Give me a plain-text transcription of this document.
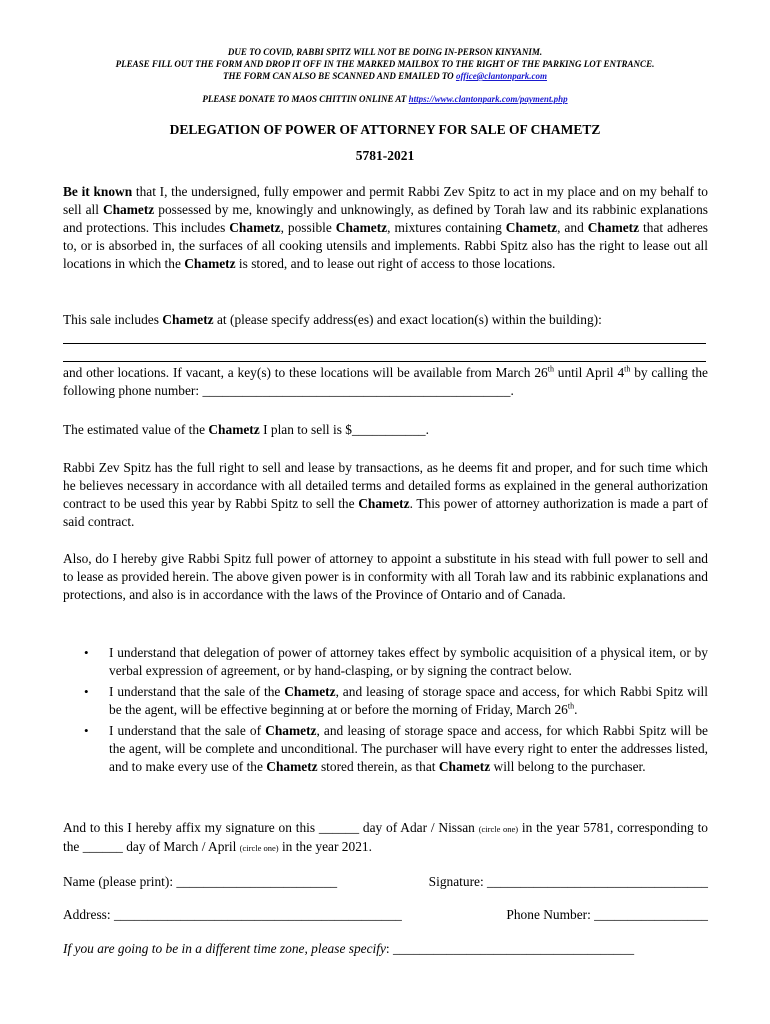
DUE TO COVID, RABBI SPITZ WILL NOT BE DOING IN-PERSON KINYANIM.
PLEASE FILL OUT THE FORM AND DROP IT OFF IN THE MARKED MAILBOX TO THE RIGHT OF THE PARKING LOT ENTRANCE.
THE FORM CAN ALSO BE SCANNED AND EMAILED TO office@clantonpark.com
PLEASE DONATE TO MAOS CHITTIN ONLINE AT https://www.clantonpark.com/payment.php
DELEGATION OF POWER OF ATTORNEY FOR SALE OF CHAMETZ
5781-2021
Be it known that I, the undersigned, fully empower and permit Rabbi Zev Spitz to act in my place and on my behalf to sell all Chametz possessed by me, knowingly and unknowingly, as defined by Torah law and its rabbinic explanations and protections. This includes Chametz, possible Chametz, mixtures containing Chametz, and Chametz that adheres to, or is absorbed in, the surfaces of all cooking utensils and implements. Rabbi Spitz also has the right to lease out all locations in which the Chametz is stored, and to lease out right of access to those locations.
This sale includes Chametz at (please specify address(es) and exact location(s) within the building):
and other locations. If vacant, a key(s) to these locations will be available from March 26th until April 4th by calling the following phone number: ______________________________________________.
The estimated value of the Chametz I plan to sell is $___________.
Rabbi Zev Spitz has the full right to sell and lease by transactions, as he deems fit and proper, and for such time which he believes necessary in accordance with all detailed terms and detailed forms as explained in the general authorization contract to be used this year by Rabbi Spitz to sell the Chametz. This power of attorney authorization is made a part of said contract.
Also, do I hereby give Rabbi Spitz full power of attorney to appoint a substitute in his stead with full power to sell and to lease as provided herein. The above given power is in conformity with all Torah law and its rabbinic explanations and protections, and also is in accordance with the laws of the Province of Ontario and of Canada.
• I understand that delegation of power of attorney takes effect by symbolic acquisition of a physical item, or by verbal expression of agreement, or by hand-clasping, or by signing the contract below.
• I understand that the sale of the Chametz, and leasing of storage space and access, for which Rabbi Spitz will be the agent, will be effective beginning at or before the morning of Friday, March 26th.
• I understand that the sale of Chametz, and leasing of storage space and access, for which Rabbi Spitz will be the agent, will be complete and unconditional. The purchaser will have every right to enter the addresses listed, and to make every use of the Chametz stored therein, as that Chametz will belong to the purchaser.
And to this I hereby affix my signature on this ______ day of Adar / Nissan (circle one) in the year 5781, corresponding to the ______ day of March / April (circle one) in the year 2021.
Name (please print): ________________________	Signature: _________________________________
Address: ___________________________________________	Phone Number: _________________
If you are going to be in a different time zone, please specify: ____________________________________
